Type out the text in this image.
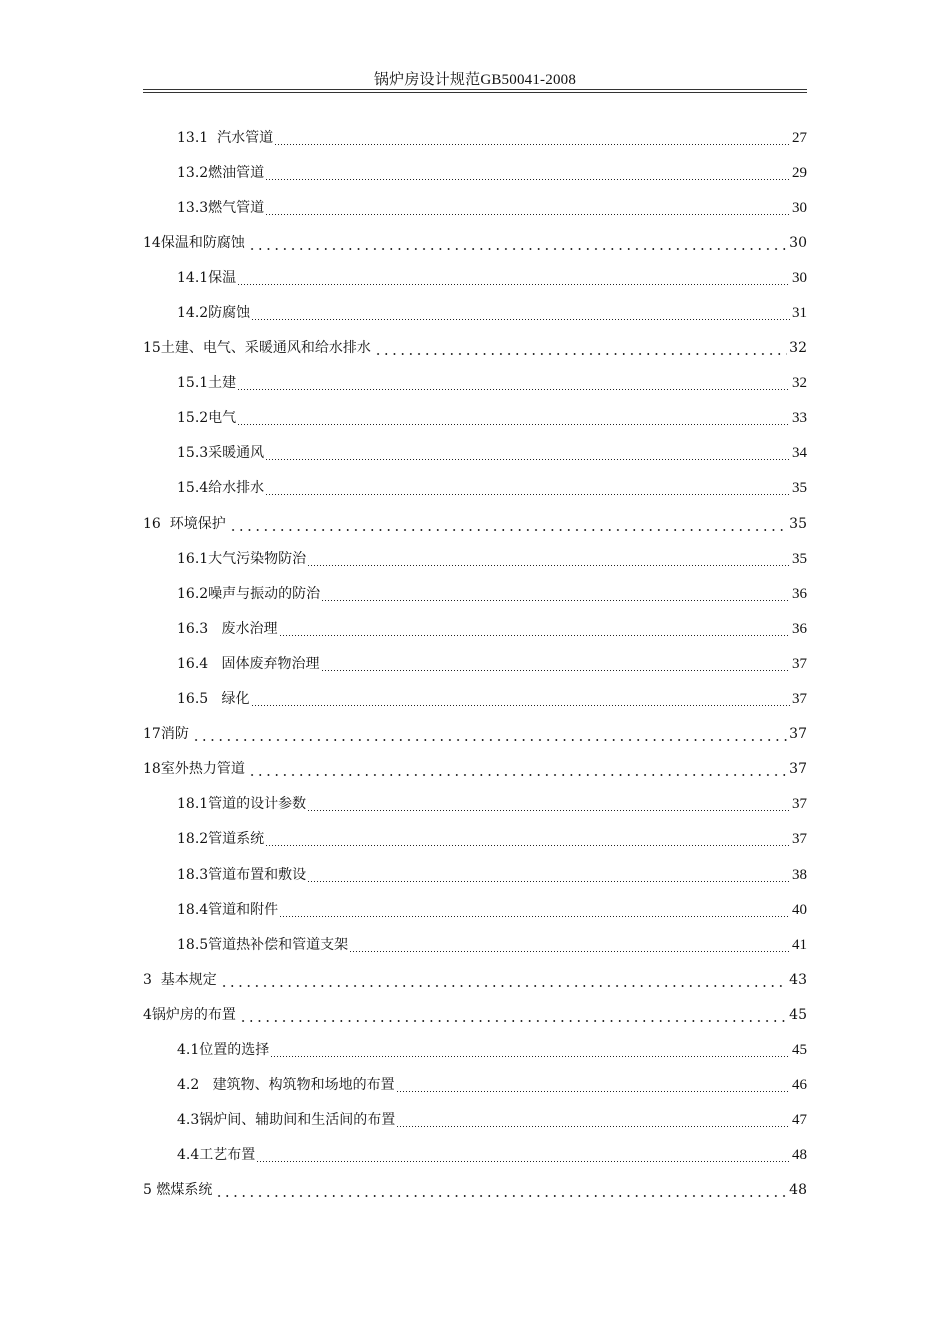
锅炉房设计规范GB50041-2008
13.1  汽水管道	27
13.2燃油管道	29
13.3燃气管道	30
14保温和防腐蚀	30
14.1保温	30
14.2防腐蚀	31
15土建、电气、采暖通风和给水排水	32
15.1土建	32
15.2电气	33
15.3采暖通风	34
15.4给水排水	35
16  环境保护	35
16.1大气污染物防治	35
16.2噪声与振动的防治	36
16.3   废水治理	36
16.4   固体废弃物治理	37
16.5   绿化	37
17消防	37
18室外热力管道	37
18.1管道的设计参数	37
18.2管道系统	37
18.3管道布置和敷设	38
18.4管道和附件	40
18.5管道热补偿和管道支架	41
3  基本规定	43
4锅炉房的布置	45
4.1位置的选择	45
4.2   建筑物、构筑物和场地的布置	46
4.3锅炉间、辅助间和生活间的布置	47
4.4工艺布置	48
5 燃煤系统	48
